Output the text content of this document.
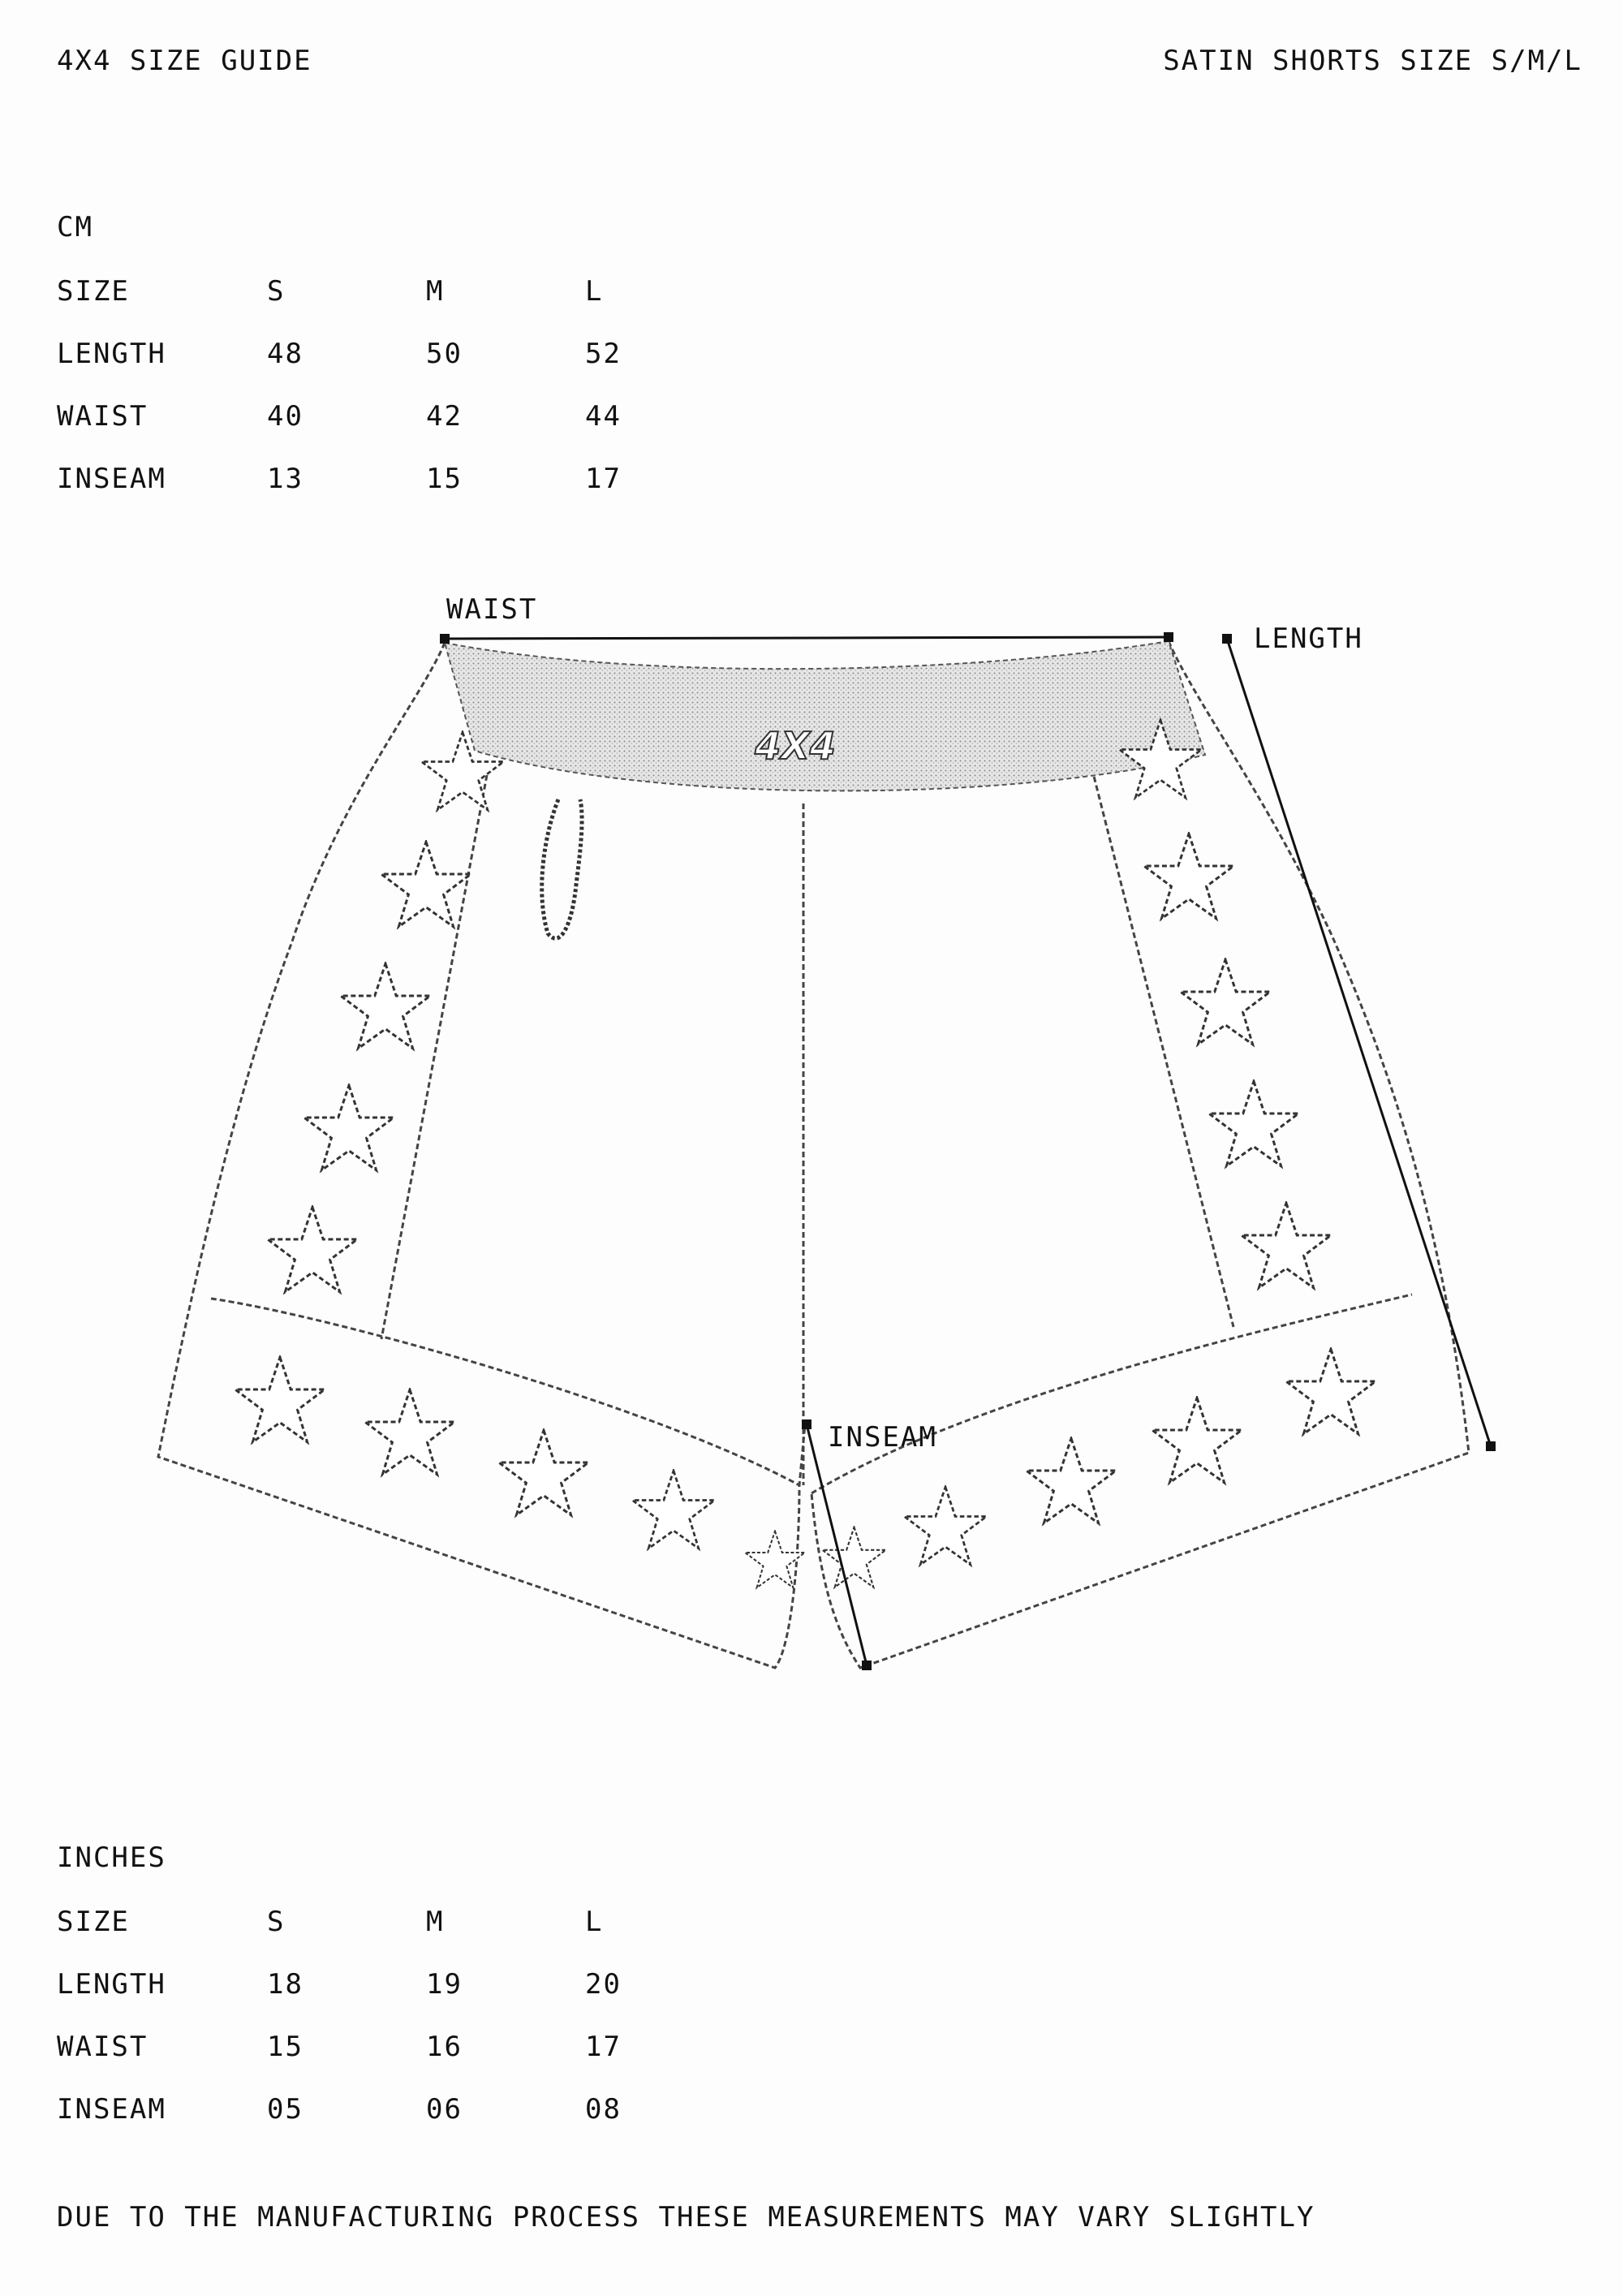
4X4 SIZE GUIDE	SATIN SHORTS SIZE S/M/L
CM
SIZE	S	M	L
LENGTH	48	50	52
WAIST	40	42	44
INSEAM	13	15	17
4X4
WAIST
LENGTH
INSEAM
INCHES
SIZE	S	M	L
LENGTH	18	19	20
WAIST	15	16	17
INSEAM	05	06	08
DUE TO THE MANUFACTURING PROCESS THESE MEASUREMENTS MAY VARY SLIGHTLY
